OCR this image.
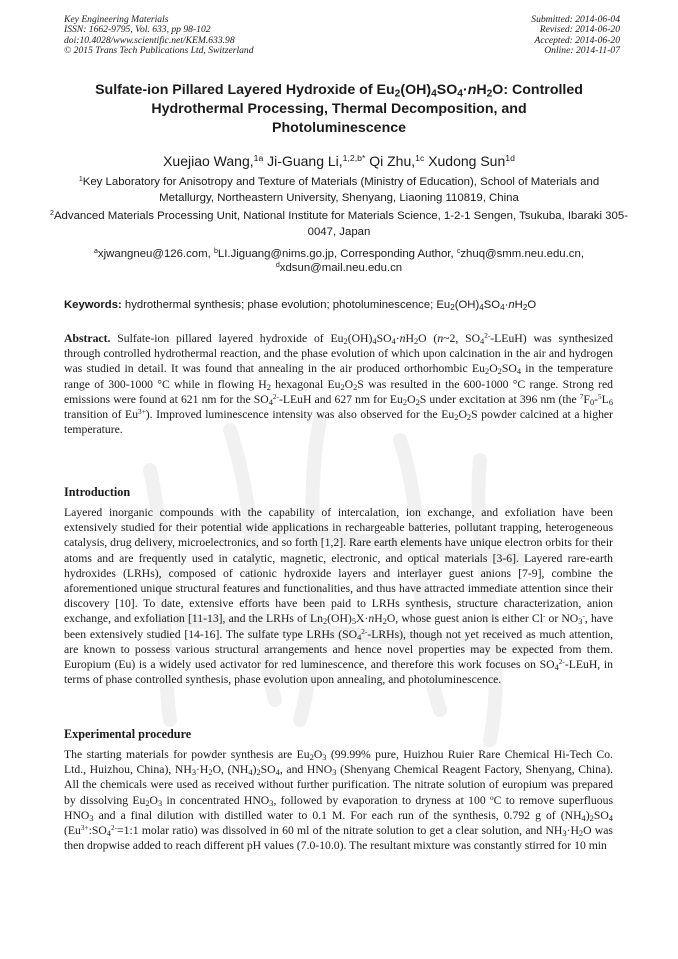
Key Engineering Materials
ISSN: 1662-9795, Vol. 633, pp 98-102
doi:10.4028/www.scientific.net/KEM.633.98
© 2015 Trans Tech Publications Ltd, Switzerland
Submitted: 2014-06-04
Revised: 2014-06-20
Accepted: 2014-06-20
Online: 2014-11-07
Sulfate-ion Pillared Layered Hydroxide of $Eu_2(OH)_4SO_4\cdot nH_2O$: Controlled
Hydrothermal Processing, Thermal Decomposition, and
Photoluminescence
Xuejiao Wang,$^{1a}$ Ji-Guang Li,$^{1,2,b*}$ Qi Zhu,$^{1c}$ Xudong Sun$^{1d}$
$^1$Key Laboratory for Anisotropy and Texture of Materials (Ministry of Education), School of Materials and Metallurgy, Northeastern University, Shenyang, Liaoning 110819, China
$^2$Advanced Materials Processing Unit, National Institute for Materials Science, 1-2-1 Sengen, Tsukuba, Ibaraki 305-0047, Japan
$^a$xjwangneu@126.com, $^b$LI.Jiguang@nims.go.jp, Corresponding Author, $^c$zhuq@smm.neu.edu.cn,
$^d$xdsun@mail.neu.edu.cn
Keywords: hydrothermal synthesis; phase evolution; photoluminescence; $Eu_2(OH)_4SO_4\cdot nH_2O$
Abstract. Sulfate-ion pillared layered hydroxide of $Eu_2(OH)_4SO_4\cdot nH_2O$ (n~2, $SO_4^{2-}-LEuH$) was synthesized through controlled hydrothermal reaction, and the phase evolution of which upon calcination in the air and hydrogen was studied in detail. It was found that annealing in the air produced orthorhombic $Eu_2O_2SO_4$ in the temperature range of 300-1000 °C while in flowing $H_2$ hexagonal $Eu_2O_2S$ was resulted in the 600-1000 °C range. Strong red emissions were found at 621 nm for the $SO_4^{2-}$-LEuH and 627 nm for $Eu_2O_2S$ under excitation at 396 nm (the $^7F_0-^5L_6$ transition of $Eu^{3+}$). Improved luminescence intensity was also observed for the $Eu_2O_2S$ powder calcined at a higher temperature.
Introduction
Layered inorganic compounds with the capability of intercalation, ion exchange, and exfoliation have been extensively studied for their potential wide applications in rechargeable batteries, pollutant trapping, heterogeneous catalysis, drug delivery, microelectronics, and so forth [1,2]. Rare earth elements have unique electron orbits for their atoms and are frequently used in catalytic, magnetic, electronic, and optical materials [3-6]. Layered rare-earth hydroxides (LRHs), composed of cationic hydroxide layers and interlayer guest anions [7-9], combine the aforementioned unique structural features and functionalities, and thus have attracted immediate attention since their discovery [10]. To date, extensive efforts have been paid to LRHs synthesis, structure characterization, anion exchange, and exfoliation [11-13], and the LRHs of $Ln_2(OH)_5X\cdot nH_2O$, whose guest anion is either Cl- or $NO_3^-$, have been extensively studied [14-16]. The sulfate type LRHs $(SO_4^{2-}-LRHs)$, though not yet received as much attention, are known to possess various structural arrangements and hence novel properties may be expected from them. Europium (Eu) is a widely used activator for red luminescence, and therefore this work focuses on $SO_4^{2-}$-LEuH, in terms of phase controlled synthesis, phase evolution upon annealing, and photoluminescence.
Experimental procedure
The starting materials for powder synthesis are $Eu_2O_3$ (99.99% pure, Huizhou Ruier Rare Chemical Hi-Tech Co. Ltd., Huizhou, China), $NH_3\cdot H_2O$, $(NH_4)_2SO_4$, and $HNO_3$ (Shenyang Chemical Reagent Factory, Shenyang, China). All the chemicals were used as received without further purification. The nitrate solution of europium was prepared by dissolving $Eu_2O_3$ in concentrated $HNO_3$, followed by evaporation to dryness at 100 $^o$C to remove superfluous $HNO_3$ and a final dilution with distilled water to 0.1 M. For each run of the synthesis, 0.792 g of $(NH_4)_2SO_4$ ($Eu^{3+}:SO_4^{2-}=1:1$ molar ratio) was dissolved in 60 ml of the nitrate solution to get a clear solution, and $NH_3\cdot H_2O$ was then dropwise added to reach different pH values (7.0-10.0). The resultant mixture was constantly stirred for 10 min
